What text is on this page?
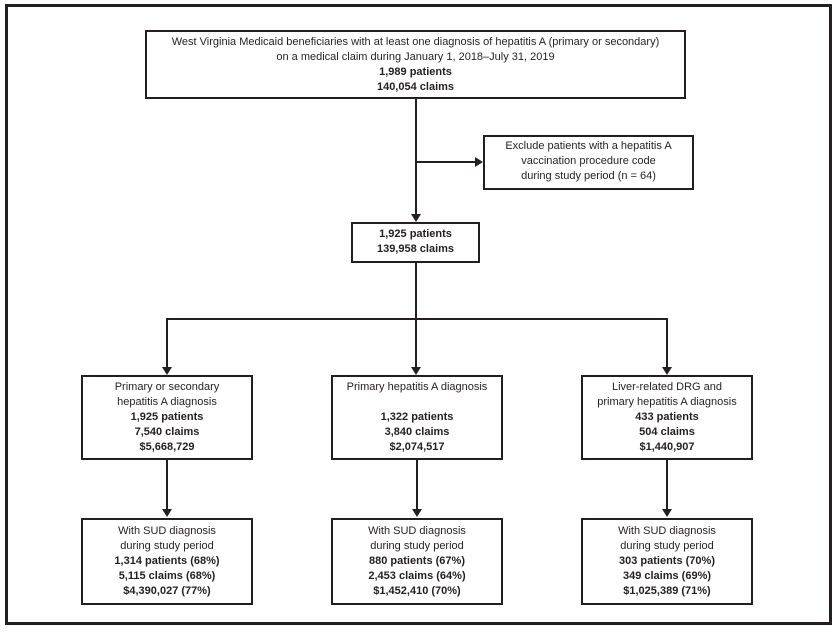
West Virginia Medicaid beneficiaries with at least one diagnosis of hepatitis A (primary or secondary)
on a medical claim during January 1, 2018–July 31, 2019
1,989 patients
140,054 claims
Exclude patients with a hepatitis A
vaccination procedure code
during study period (n = 64)
1,925 patients
139,958 claims
Primary or secondary
hepatitis A diagnosis
1,925 patients
7,540 claims
$5,668,729
Primary hepatitis A diagnosis
1,322 patients
3,840 claims
$2,074,517
Liver-related DRG and
primary hepatitis A diagnosis
433 patients
504 claims
$1,440,907
With SUD diagnosis
during study period
1,314 patients (68%)
5,115 claims (68%)
$4,390,027 (77%)
With SUD diagnosis
during study period
880 patients (67%)
2,453 claims (64%)
$1,452,410 (70%)
With SUD diagnosis
during study period
303 patients (70%)
349 claims (69%)
$1,025,389 (71%)
